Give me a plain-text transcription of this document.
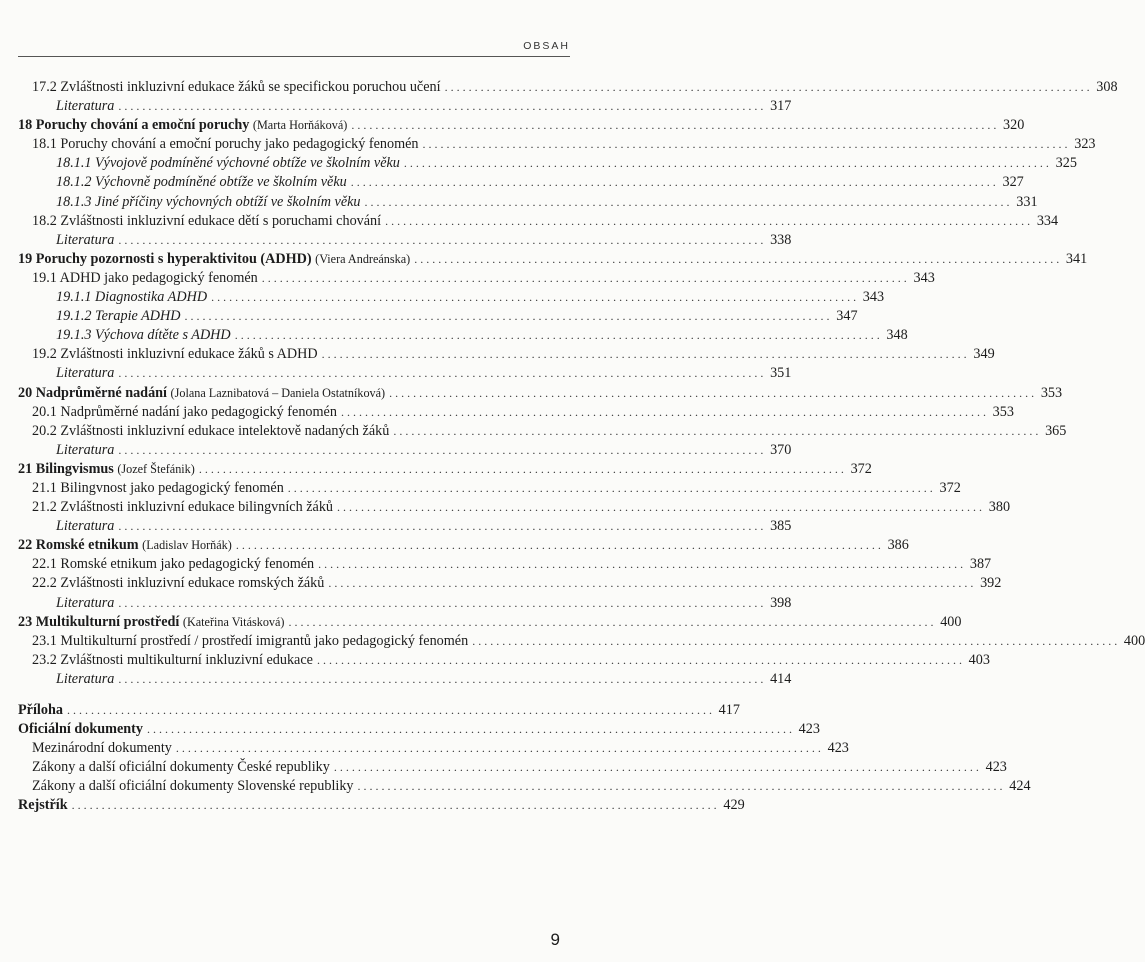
OBSAH
17.2 Zvláštnosti inkluzivní edukace žáků se specifickou poruchou učení . . .	308
Literatura . . .	317
18 Poruchy chování a emoční poruchy (Marta Horňáková) . . .	320
18.1 Poruchy chování a emoční poruchy jako pedagogický fenomén . . .	323
18.1.1 Vývojově podmíněné výchovné obtíže ve školním věku . . .	325
18.1.2 Výchovně podmíněné obtíže ve školním věku . . .	327
18.1.3 Jiné příčiny výchovných obtíží ve školním věku . . .	331
18.2 Zvláštnosti inkluzivní edukace dětí s poruchami chování . . .	334
Literatura . . .	338
19 Poruchy pozornosti s hyperaktivitou (ADHD) (Viera Andreánska) . . .	341
19.1 ADHD jako pedagogický fenomén . . .	343
19.1.1 Diagnostika ADHD . . .	343
19.1.2 Terapie ADHD . . .	347
19.1.3 Výchova dítěte s ADHD . . .	348
19.2 Zvláštnosti inkluzivní edukace žáků s ADHD . . .	349
Literatura . . .	351
20 Nadprůměrné nadání (Jolana Laznibatová – Daniela Ostatníková) . . .	353
20.1 Nadprůměrné nadání jako pedagogický fenomén . . .	353
20.2 Zvláštnosti inkluzivní edukace intelektově nadaných žáků . . .	365
Literatura . . .	370
21 Bilingvismus (Jozef Štefánik) . . .	372
21.1 Bilingvnost jako pedagogický fenomén . . .	372
21.2 Zvláštnosti inkluzivní edukace bilingvních žáků . . .	380
Literatura . . .	385
22 Romské etnikum (Ladislav Horňák) . . .	386
22.1 Romské etnikum jako pedagogický fenomén . . .	387
22.2 Zvláštnosti inkluzivní edukace romských žáků . . .	392
Literatura . . .	398
23 Multikulturní prostředí (Kateřina Vitásková) . . .	400
23.1 Multikulturní prostředí / prostředí imigrantů jako pedagogický fenomén . . .	400
23.2 Zvláštnosti multikulturní inkluzivní edukace . . .	403
Literatura . . .	414
Příloha . . .	417
Oficiální dokumenty . . .	423
Mezinárodní dokumenty . . .	423
Zákony a další oficiální dokumenty České republiky . . .	423
Zákony a další oficiální dokumenty Slovenské republiky . . .	424
Rejstřík . . .	429
9
